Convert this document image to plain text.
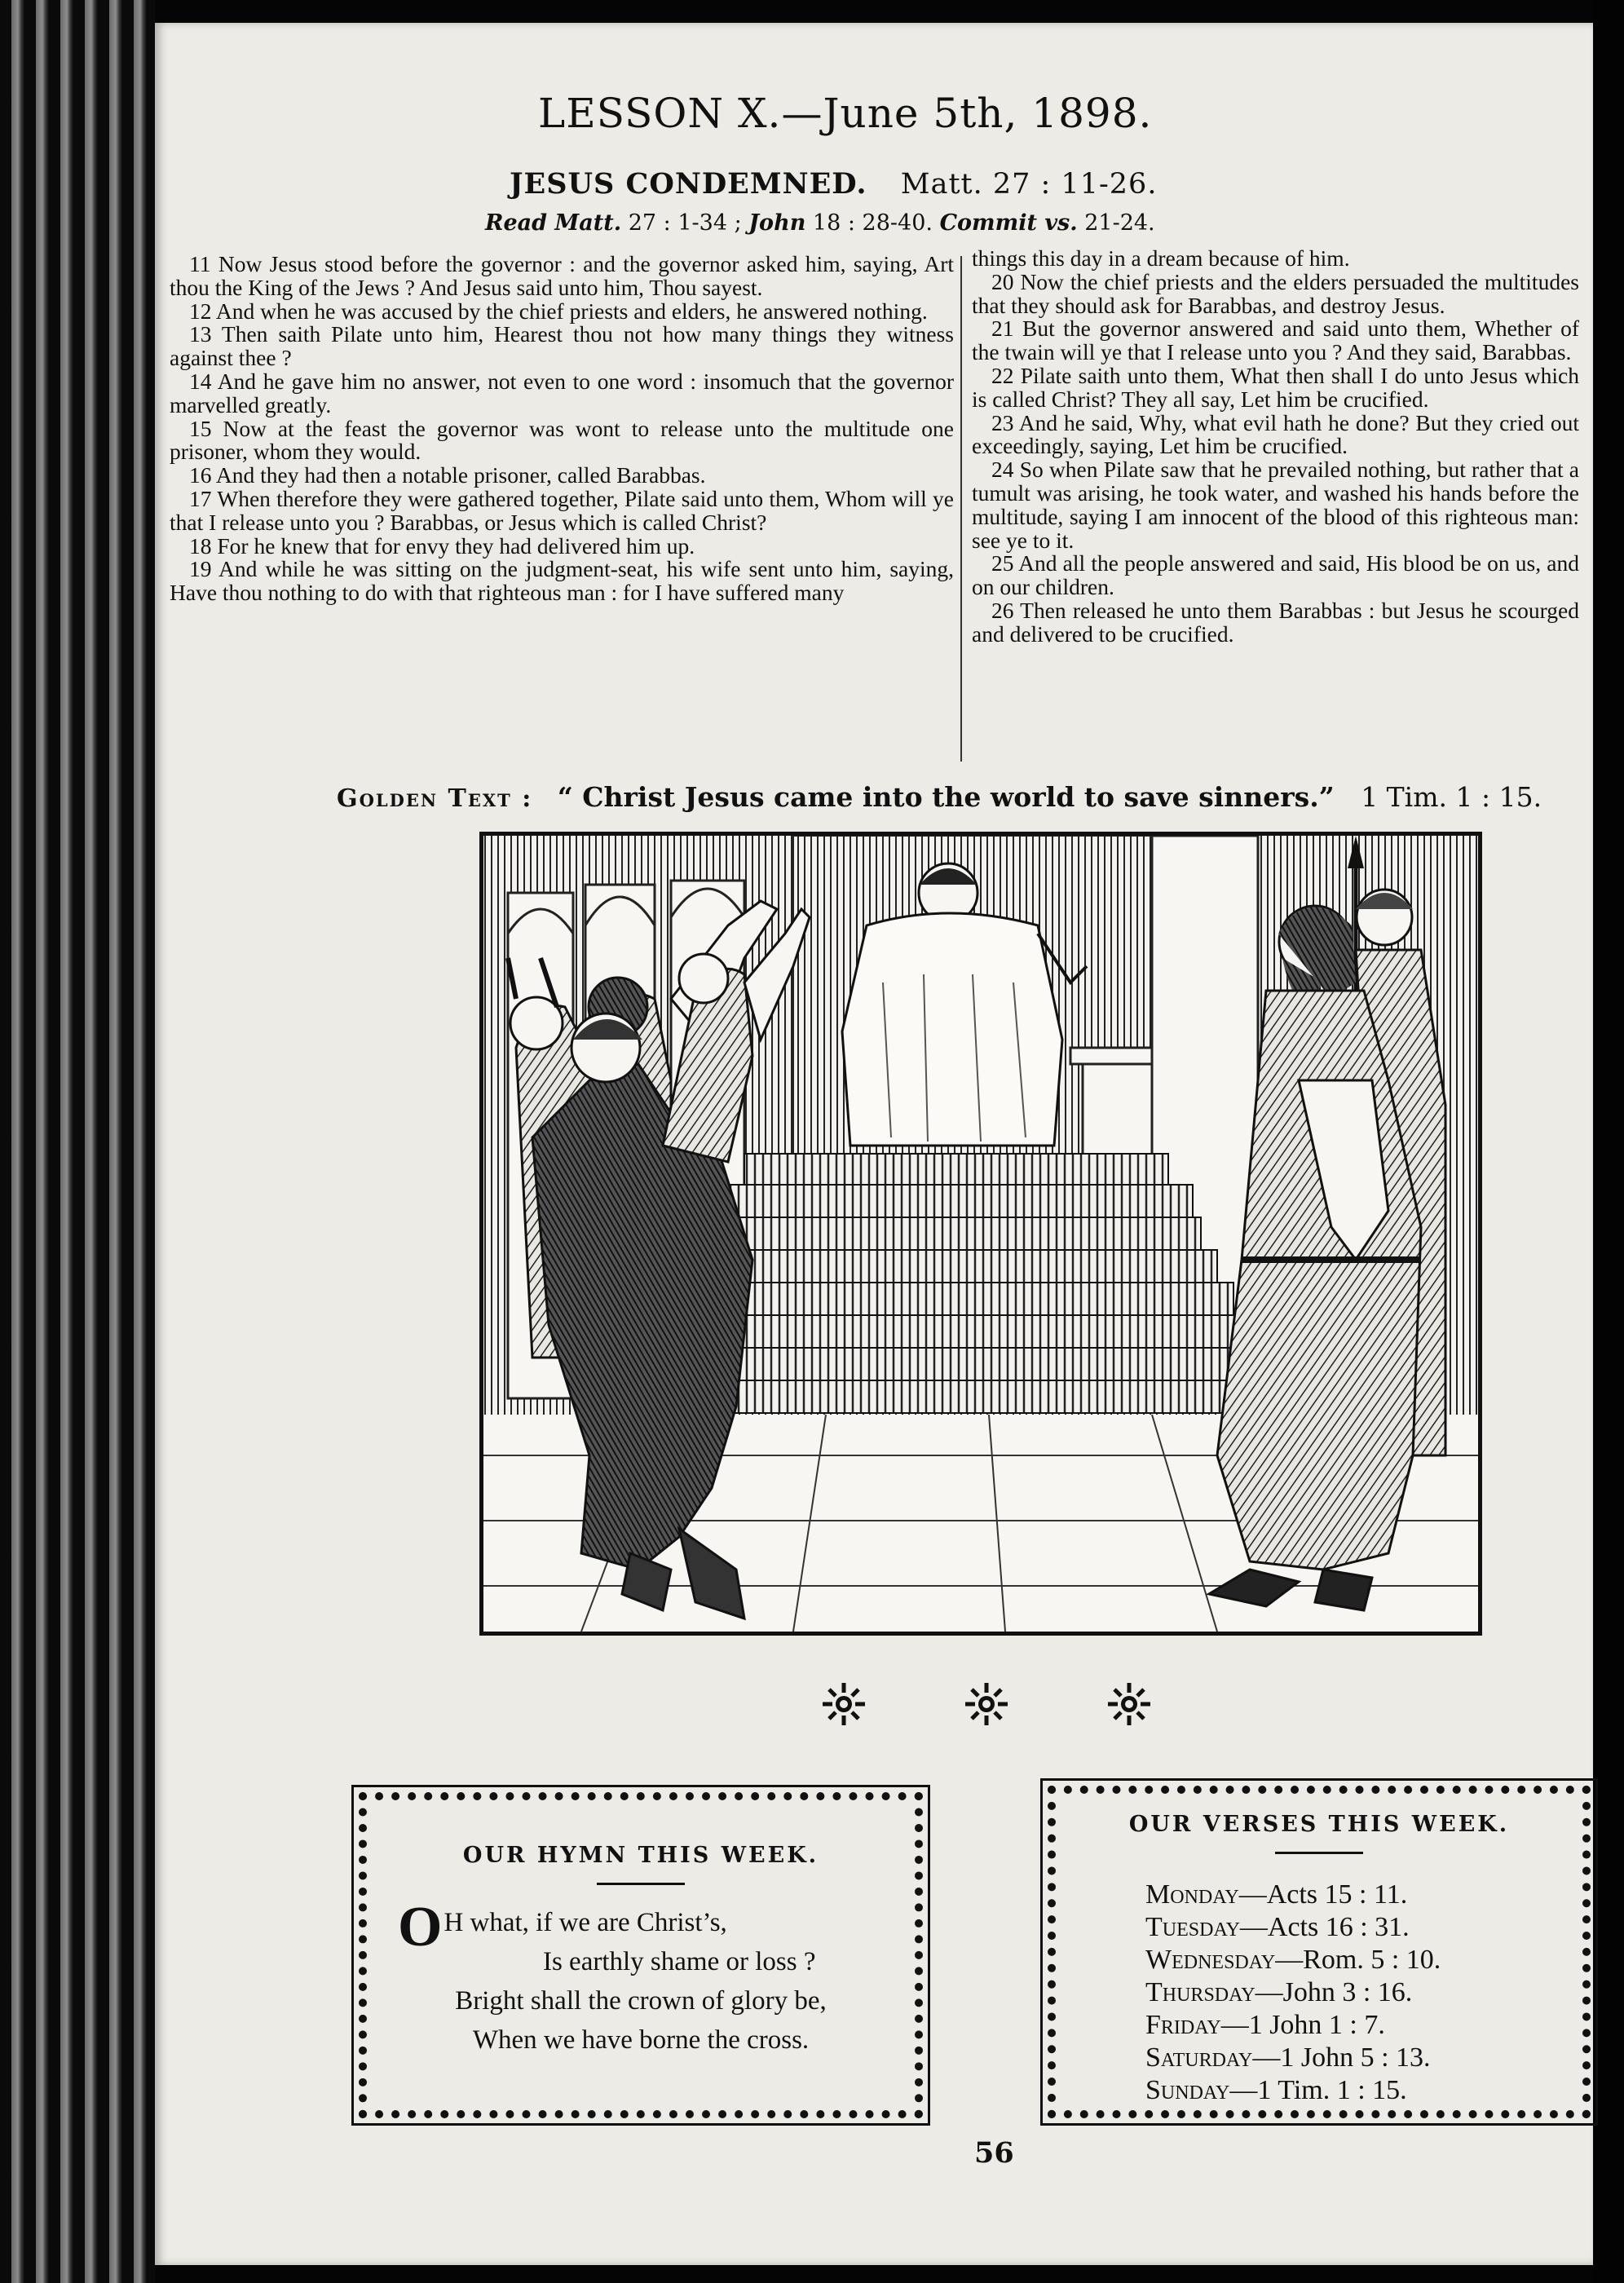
LESSON X.—June 5th, 1898.
JESUS CONDEMNED. Matt. 27 : 11-26.
Read Matt. 27 : 1-34 ; John 18 : 28-40. Commit vs. 21-24.

11 Now Jesus stood before the governor : and the governor asked him, saying, Art thou the King of the Jews ? And Jesus said unto him, Thou sayest.

12 And when he was accused by the chief priests and elders, he answered nothing.

13 Then saith Pilate unto him, Hearest thou not how many things they witness against thee ?

14 And he gave him no answer, not even to one word : insomuch that the governor marvelled greatly.

15 Now at the feast the governor was wont to release unto the multitude one prisoner, whom they would.

16 And they had then a notable prisoner, called Barabbas.

17 When therefore they were gathered together, Pilate said unto them, Whom will ye that I release unto you ? Barabbas, or Jesus which is called Christ?

18 For he knew that for envy they had delivered him up.

19 And while he was sitting on the judgment-seat, his wife sent unto him, saying, Have thou nothing to do with that righteous man : for I have suffered many

things this day in a dream because of him.

20 Now the chief priests and the elders persuaded the multitudes that they should ask for Barabbas, and destroy Jesus.

21 But the governor answered and said unto them, Whether of the twain will ye that I release unto you ? And they said, Barabbas.

22 Pilate saith unto them, What then shall I do unto Jesus which is called Christ? They all say, Let him be crucified.

23 And he said, Why, what evil hath he done? But they cried out exceedingly, saying, Let him be crucified.

24 So when Pilate saw that he prevailed nothing, but rather that a tumult was arising, he took water, and washed his hands before the multitude, saying I am innocent of the blood of this righteous man: see ye to it.

25 And all the people answered and said, His blood be on us, and on our children.

26 Then released he unto them Barabbas : but Jesus he scourged and delivered to be crucified.

Golden Text : “ Christ Jesus came into the world to save sinners.” 1 Tim. 1 : 15.
OUR HYMN THIS WEEK.
O H what, if we are Christ’s,
Is earthly shame or loss ?
Bright shall the crown of glory be,
When we have borne the cross.
OUR VERSES THIS WEEK.
Monday—Acts 15 : 11.
Tuesday—Acts 16 : 31.
Wednesday—Rom. 5 : 10.
Thursday—John 3 : 16.
Friday—1 John 1 : 7.
Saturday—1 John 5 : 13.
Sunday—1 Tim. 1 : 15.
56
